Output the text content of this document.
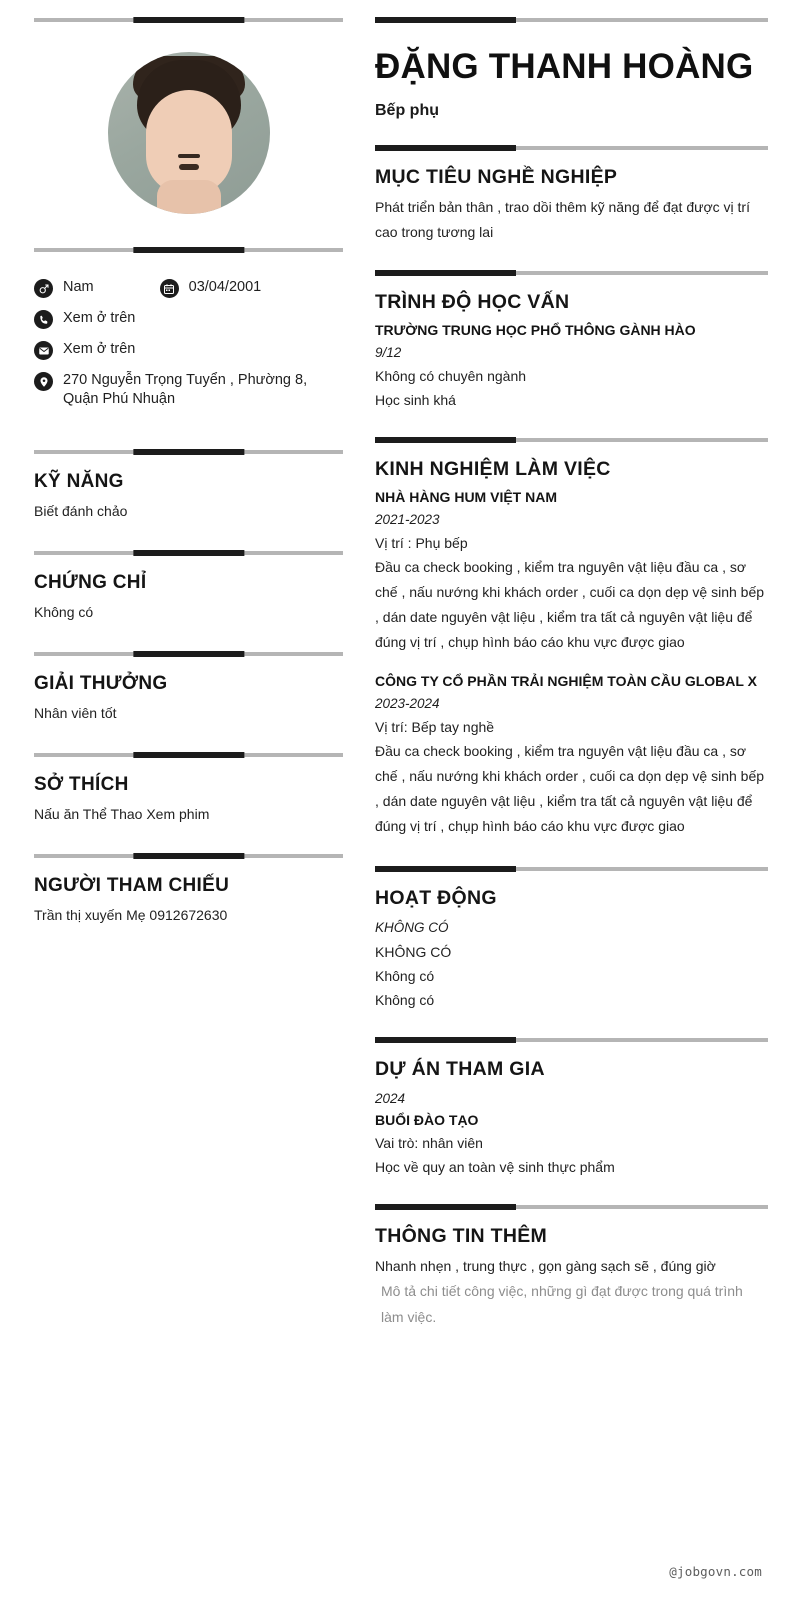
Nam	03/04/2001
Xem ở trên
Xem ở trên
270 Nguyễn Trọng Tuyển , Phường 8, Quận Phú Nhuận
KỸ NĂNG
Biết đánh chảo
CHỨNG CHỈ
Không có
GIẢI THƯỞNG
Nhân viên tốt
SỞ THÍCH
Nấu ăn Thể Thao Xem phim
NGƯỜI THAM CHIẾU
Trần thị xuyến Mẹ 0912672630
ĐẶNG THANH HOÀNG
Bếp phụ
MỤC TIÊU NGHỀ NGHIỆP
Phát triển bản thân , trao dồi thêm kỹ năng để đạt được vị trí cao trong tương lai
TRÌNH ĐỘ HỌC VẤN
TRƯỜNG TRUNG HỌC PHỔ THÔNG GÀNH HÀO
9/12
Không có chuyên ngành
Học sinh khá
KINH NGHIỆM LÀM VIỆC
NHÀ HÀNG HUM VIỆT NAM
2021-2023
Vị trí : Phụ bếp
Đầu ca check booking , kiểm tra nguyên vật liệu đầu ca , sơ chế , nấu nướng khi khách order , cuối ca dọn dẹp vệ sinh bếp , dán date nguyên vật liệu , kiểm tra tất cả nguyên vật liệu để đúng vị trí , chụp hình báo cáo khu vực được giao
CÔNG TY CỔ PHẦN TRẢI NGHIỆM TOÀN CẦU GLOBAL X
2023-2024
Vị trí: Bếp tay nghề
Đầu ca check booking , kiểm tra nguyên vật liệu đầu ca , sơ chế , nấu nướng khi khách order , cuối ca dọn dẹp vệ sinh bếp , dán date nguyên vật liệu , kiểm tra tất cả nguyên vật liệu để đúng vị trí , chụp hình báo cáo khu vực được giao
HOẠT ĐỘNG
KHÔNG CÓ
KHÔNG CÓ
Không có
Không có
DỰ ÁN THAM GIA
2024
BUỔI ĐÀO TẠO
Vai trò: nhân viên
Học về quy an toàn vệ sinh thực phẩm
THÔNG TIN THÊM
Nhanh nhẹn , trung thực , gọn gàng sạch sẽ , đúng giờ
Mô tả chi tiết công việc, những gì đạt được trong quá trình làm việc.
@jobgovn.com
